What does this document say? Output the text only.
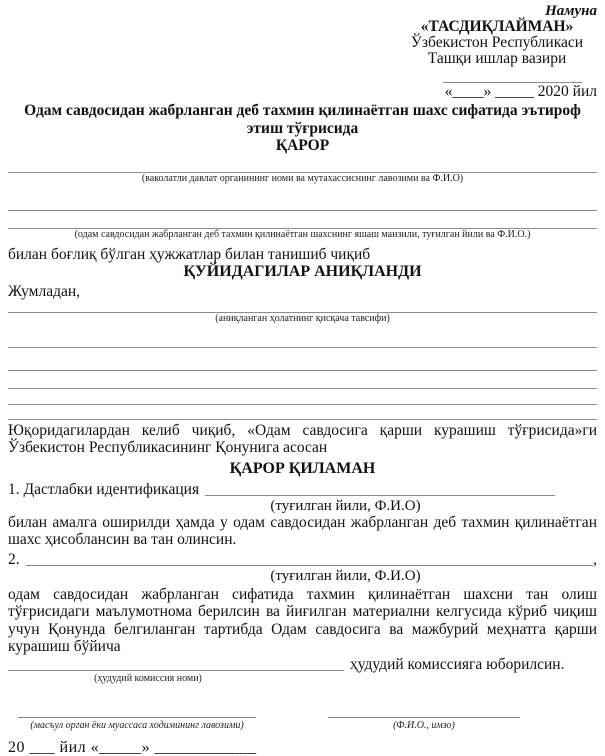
Намуна
«ТАСДИҚЛАЙМАН»
Ўзбекистон Республикаси
Ташқи ишлар вазири
«____» _____ 2020 йил
Одам савдосидан жабрланган деб тахмин қилинаётган шахс сифатида эътироф этиш тўғрисида
ҚАРОР
(ваколатли давлат органининг номи ва мутахассиснинг лавозими ва Ф.И.О)
(одам савдосидан жабрланган деб тахмин қилинаётган шахснинг яшаш манзили, туғилган йили ва Ф.И.О.)
билан боғлиқ бўлган ҳужжатлар билан танишиб чиқиб
ҚУЙИДАГИЛАР АНИҚЛАНДИ
Жумладан,
(аниқланган ҳолатнинг қисқача тавсифи)
Юқоридагилардан келиб чиқиб, «Одам савдосига қарши курашиш тўғрисида»ги Ўзбекистон Республикасининг Қонунига асосан
ҚАРОР ҚИЛАМАН
1. Дастлабки идентификация
(туғилган йили, Ф.И.О)
билан амалга оширилди ҳамда у одам савдосидан жабрланган деб тахмин қилинаётган шахс ҳисоблансин ва тан олинсин.
2.	,
(туғилган йили, Ф.И.О)
одам савдосидан жабрланган сифатида тахмин қилинаётган шахсни тан олиш тўғрисидаги маълумотнома берилсин ва йиғилган материални келгусида кўриб чиқиш учун Қонунда белгиланган тартибда Одам савдосига ва мажбурий меҳнатга қарши курашиш бўйича
ҳудудий комиссияга юборилсин.
(ҳудудий комиссия номи)
(масъул орган ёки муассаса ходимининг лавозими)	(Ф.И.О., имзо)
20 ___ йил «_____» ____________
